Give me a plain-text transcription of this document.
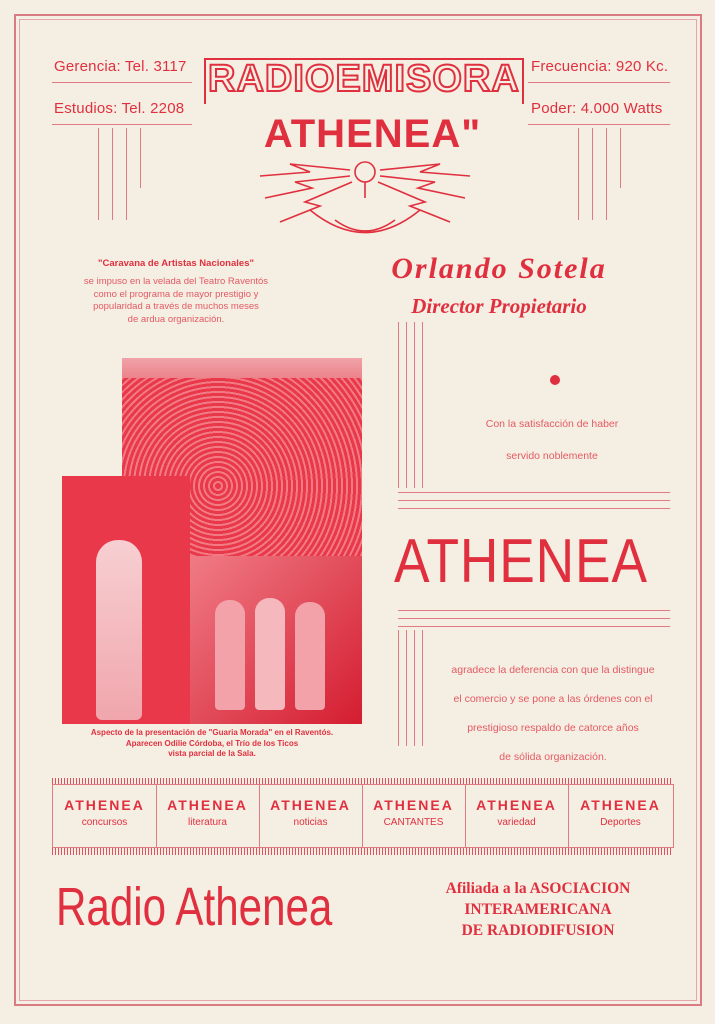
Gerencia: Tel. 3117
Estudios: Tel. 2208
Frecuencia: 920 Kc.
Poder: 4.000 Watts
RADIOEMISORA
ATHENEA"
"Caravana de Artistas Nacionales"
se impuso en la velada del Teatro Raventós
como el programa de mayor prestigio y
popularidad a través de muchos meses
de ardua organización.
Orlando Sotela
Director Propietario
Aspecto de la presentación de "Guaria Morada" en el Raventós.
Aparecen Odilie Córdoba, el Trío de los Ticos
vista parcial de la Sala.
Con la satisfacción de haber
servido noblemente
ATHENEA
agradece la deferencia con que la distingue
el comercio y se pone a las órdenes con el
prestigioso respaldo de catorce años
de sólida organización.
ATHENEA
concursos
ATHENEA
literatura
ATHENEA
noticias
ATHENEA
CANTANTES
ATHENEA
variedad
ATHENEA
Deportes
Radio Athenea	Afiliada a la ASOCIACION
INTERAMERICANA
DE RADIODIFUSION
